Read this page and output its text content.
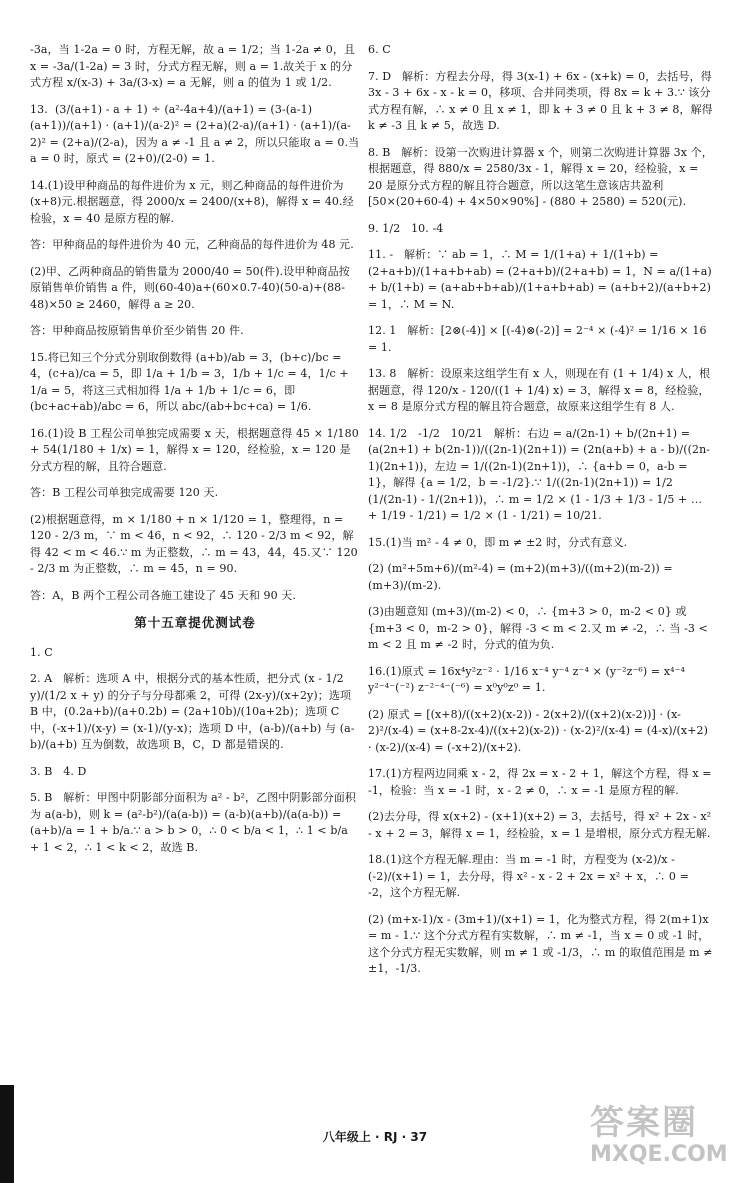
-3a，当 1-2a = 0 时，方程无解，故 a = 1/2；当 1-2a ≠ 0，且 x = -3a/(1-2a) = 3 时，分式方程无解，则 a = 1.故关于 x 的分式方程 x/(x-3) + 3a/(3-x) = a 无解，则 a 的值为 1 或 1/2.
13.  (3/(a+1) - a + 1) ÷ (a²-4a+4)/(a+1) = (3-(a-1)(a+1))/(a+1) · (a+1)/(a-2)² = (2+a)(2-a)/(a+1) · (a+1)/(a-2)² = (2+a)/(2-a)，因为 a ≠ -1 且 a ≠ 2，所以只能取 a = 0.当 a = 0 时，原式 = (2+0)/(2-0) = 1.
14.(1)设甲种商品的每件进价为 x 元，则乙种商品的每件进价为(x+8)元.根据题意，得 2000/x = 2400/(x+8)，解得 x = 40.经检验，x = 40 是原方程的解.
答：甲种商品的每件进价为 40 元，乙种商品的每件进价为 48 元.
(2)甲、乙两种商品的销售量为 2000/40 = 50(件).设甲种商品按原销售单价销售 a 件，则(60-40)a+(60×0.7-40)(50-a)+(88-48)×50 ≥ 2460，解得 a ≥ 20.
答：甲种商品按原销售单价至少销售 20 件.
15.将已知三个分式分别取倒数得 (a+b)/ab = 3，(b+c)/bc = 4，(c+a)/ca = 5，即 1/a + 1/b = 3，1/b + 1/c = 4，1/c + 1/a = 5，将这三式相加得 1/a + 1/b + 1/c = 6，即 (bc+ac+ab)/abc = 6，所以 abc/(ab+bc+ca) = 1/6.
16.(1)设 B 工程公司单独完成需要 x 天，根据题意得 45 × 1/180 + 54(1/180 + 1/x) = 1，解得 x = 120，经检验，x = 120 是分式方程的解，且符合题意.
答：B 工程公司单独完成需要 120 天.
(2)根据题意得，m × 1/180 + n × 1/120 = 1，整理得，n = 120 - 2/3 m，∵ m < 46，n < 92，∴ 120 - 2/3 m < 92，解得 42 < m < 46.∵ m 为正整数，∴ m = 43，44，45.又∵ 120 - 2/3 m 为正整数，∴ m = 45，n = 90.
答：A，B 两个工程公司各施工建设了 45 天和 90 天.
第十五章提优测试卷
1. C
2. A   解析：选项 A 中，根据分式的基本性质，把分式 (x - 1/2 y)/(1/2 x + y) 的分子与分母都乘 2，可得 (2x-y)/(x+2y)；选项 B 中，(0.2a+b)/(a+0.2b) = (2a+10b)/(10a+2b)；选项 C 中，(-x+1)/(x-y) = (x-1)/(y-x)；选项 D 中，(a-b)/(a+b) 与 (a-b)/(a+b) 互为倒数，故选项 B，C，D 都是错误的.
3. B   4. D
5. B   解析：甲图中阴影部分面积为 a² - b²，乙图中阴影部分面积为 a(a-b)，则 k = (a²-b²)/(a(a-b)) = (a-b)(a+b)/(a(a-b)) = (a+b)/a = 1 + b/a.∵ a > b > 0，∴ 0 < b/a < 1，∴ 1 < b/a + 1 < 2，∴ 1 < k < 2，故选 B.
6. C
7. D   解析：方程去分母，得 3(x-1) + 6x - (x+k) = 0，去括号，得 3x - 3 + 6x - x - k = 0，移项、合并同类项，得 8x = k + 3.∵ 该分式方程有解，∴ x ≠ 0 且 x ≠ 1，即 k + 3 ≠ 0 且 k + 3 ≠ 8，解得 k ≠ -3 且 k ≠ 5，故选 D.
8. B   解析：设第一次购进计算器 x 个，则第二次购进计算器 3x 个，根据题意，得 880/x = 2580/3x - 1，解得 x = 20，经检验，x = 20 是原分式方程的解且符合题意，所以这笔生意该店共盈利 [50×(20+60-4) + 4×50×90%] - (880 + 2580) = 520(元).
9. 1/2   10. -4
11. -   解析：∵ ab = 1，∴ M = 1/(1+a) + 1/(1+b) = (2+a+b)/(1+a+b+ab) = (2+a+b)/(2+a+b) = 1，N = a/(1+a) + b/(1+b) = (a+ab+b+ab)/(1+a+b+ab) = (a+b+2)/(a+b+2) = 1，∴ M = N.
12. 1   解析：[2⊗(-4)] × [(-4)⊗(-2)] = 2⁻⁴ × (-4)² = 1/16 × 16 = 1.
13. 8   解析：设原来这组学生有 x 人，则现在有 (1 + 1/4) x 人，根据题意，得 120/x - 120/((1 + 1/4) x) = 3，解得 x = 8，经检验，x = 8 是原分式方程的解且符合题意，故原来这组学生有 8 人.
14. 1/2   -1/2   10/21   解析：右边 = a/(2n-1) + b/(2n+1) = (a(2n+1) + b(2n-1))/((2n-1)(2n+1)) = (2n(a+b) + a - b)/((2n-1)(2n+1))，左边 = 1/((2n-1)(2n+1))，∴ {a+b = 0，a-b = 1}，解得 {a = 1/2，b = -1/2}.∵ 1/((2n-1)(2n+1)) = 1/2 (1/(2n-1) - 1/(2n+1))，∴ m = 1/2 × (1 - 1/3 + 1/3 - 1/5 + … + 1/19 - 1/21) = 1/2 × (1 - 1/21) = 10/21.
15.(1)当 m² - 4 ≠ 0，即 m ≠ ±2 时，分式有意义.
(2) (m²+5m+6)/(m²-4) = (m+2)(m+3)/((m+2)(m-2)) = (m+3)/(m-2).
(3)由题意知 (m+3)/(m-2) < 0，∴ {m+3 > 0，m-2 < 0} 或 {m+3 < 0，m-2 > 0}，解得 -3 < m < 2.又 m ≠ -2，∴ 当 -3 < m < 2 且 m ≠ -2 时，分式的值为负.
16.(1)原式 = 16x⁴y²z⁻² · 1/16 x⁻⁴ y⁻⁴ z⁻⁴ × (y⁻²z⁻⁶) = x⁴⁻⁴ y²⁻⁴⁻(⁻²) z⁻²⁻⁴⁻(⁻⁶) = x⁰y⁰z⁰ = 1.
(2) 原式 = [(x+8)/((x+2)(x-2)) - 2(x+2)/((x+2)(x-2))] · (x-2)²/(x-4) = (x+8-2x-4)/((x+2)(x-2)) · (x-2)²/(x-4) = (4-x)/(x+2) · (x-2)/(x-4) = (-x+2)/(x+2).
17.(1)方程两边同乘 x - 2，得 2x = x - 2 + 1，解这个方程，得 x = -1，检验：当 x = -1 时，x - 2 ≠ 0，∴ x = -1 是原方程的解.
(2)去分母，得 x(x+2) - (x+1)(x+2) = 3，去括号，得 x² + 2x - x² - x + 2 = 3，解得 x = 1，经检验，x = 1 是增根，原分式方程无解.
18.(1)这个方程无解.理由：当 m = -1 时，方程变为 (x-2)/x - (-2)/(x+1) = 1，去分母，得 x² - x - 2 + 2x = x² + x，∴ 0 = -2，这个方程无解.
(2) (m+x-1)/x - (3m+1)/(x+1) = 1，化为整式方程，得 2(m+1)x = m - 1.∵ 这个分式方程有实数解，∴ m ≠ -1，当 x = 0 或 -1 时，这个分式方程无实数解，则 m ≠ 1 或 -1/3，∴ m 的取值范围是 m ≠ ±1，-1/3.
八年级上 · RJ · 37	答案圈
MXQE.COM
